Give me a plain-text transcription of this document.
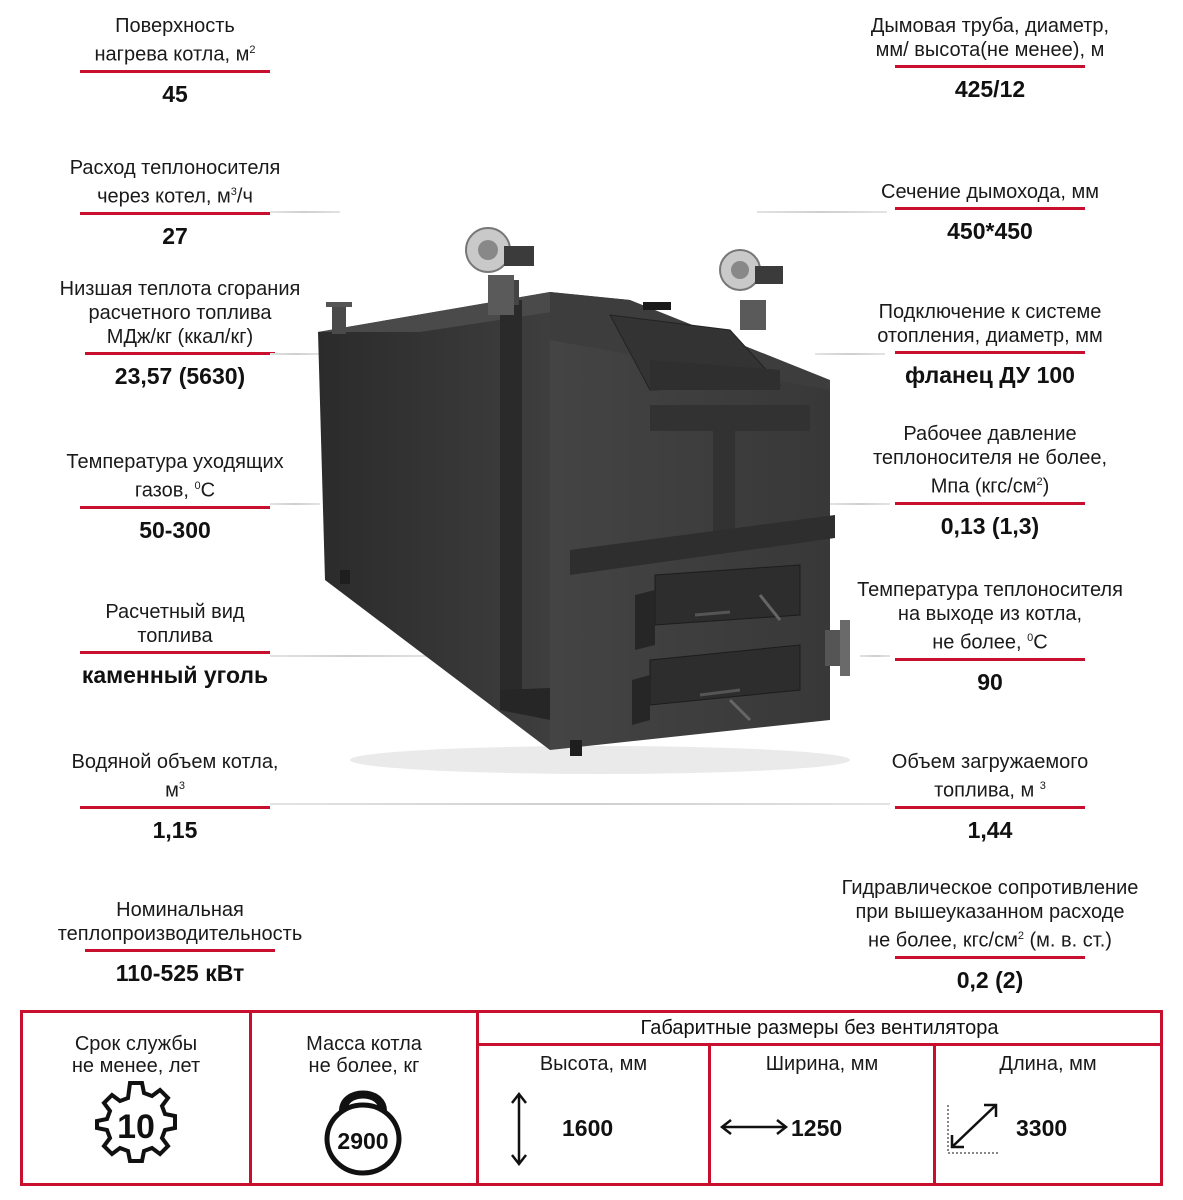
Поверхность
нагрева котла, $м^2$
45
Расход теплоносителя
через котел, $м^3/ч$
27
Низшая теплота сгорания
расчетного топлива
МДж/кг (ккал/кг)
23,57 (5630)
Температура уходящих
газов, $^0$С
50-300
Расчетный вид
топлива
каменный уголь
Водяной объем котла,
$м^3$
1,15
Номинальная
теплопроизводительность
110-525 кВт
Дымовая труба, диаметр,
мм/ высота(не менее), м
425/12
Сечение дымохода, мм
450*450
Подключение к системе
отопления, диаметр, мм
фланец ДУ 100
Рабочее давление
теплоносителя не более,
Мпа $(кгс/см^2)$
0,13 (1,3)
Температура теплоносителя
на выходе из котла,
не более, $^0$С
90
Объем загружаемого
топлива, м $^3$
1,44
Гидравлическое сопротивление
при вышеуказанном расходе
не более, кгс/$см^2$ (м. в. ст.)
0,2 (2)
Срок службы
не менее, лет
10
Масса котла
не более, кг
2900
Габаритные размеры без вентилятора
Высота, мм
1600
Ширина, мм
1250
Длина, мм
3300
